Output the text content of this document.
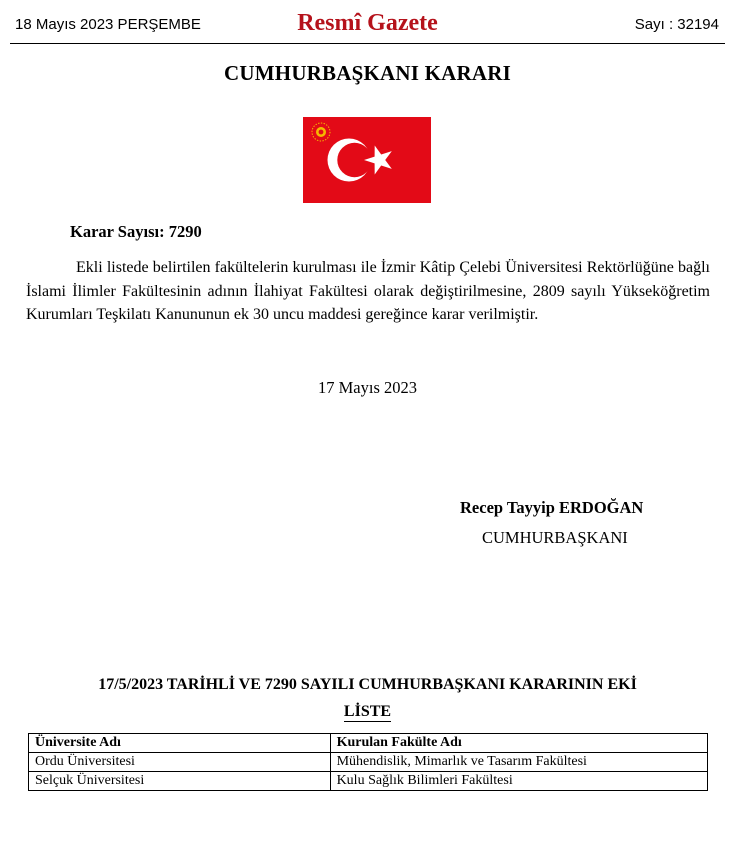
18 Mayıs 2023 PERŞEMBE	Resmî Gazete	Sayı : 32194
CUMHURBAŞKANI KARARI
Karar Sayısı: 7290
Ekli listede belirtilen fakültelerin kurulması ile İzmir Kâtip Çelebi Üniversitesi Rektörlüğüne bağlı İslami İlimler Fakültesinin adının İlahiyat Fakültesi olarak değiştirilmesine, 2809 sayılı Yükseköğretim Kurumları Teşkilatı Kanununun ek 30 uncu maddesi gereğince karar verilmiştir.
17 Mayıs 2023
Recep Tayyip ERDOĞAN
CUMHURBAŞKANI
17/5/2023 TARİHLİ VE 7290 SAYILI CUMHURBAŞKANI KARARININ EKİ
LİSTE
Üniversite Adı	Kurulan Fakülte Adı
Ordu Üniversitesi	Mühendislik, Mimarlık ve Tasarım Fakültesi
Selçuk Üniversitesi	Kulu Sağlık Bilimleri Fakültesi
